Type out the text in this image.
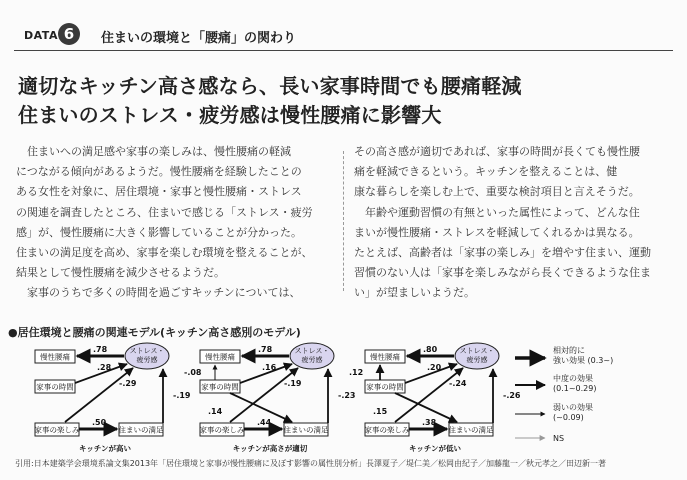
DATA 6	住まいの環境と「腰痛」の関わり
適切なキッチン高さ感なら、長い家事時間でも腰痛軽減
住まいのストレス・疲労感は慢性腰痛に影響大

　住まいへの満足感や家事の楽しみは、慢性腰痛の軽減

につながる傾向があるようだ。慢性腰痛を経験したことの

ある女性を対象に、居住環境・家事と慢性腰痛・ストレス

の関連を調査したところ、住まいで感じる「ストレス・疲労

感」が、慢性腰痛に大きく影響していることが分かった。

住まいの満足度を高め、家事を楽しむ環境を整えることが、

結果として慢性腰痛を減少させるようだ。

　家事のうちで多くの時間を過ごすキッチンについては、

その高さ感が適切であれば、家事の時間が長くても慢性腰

痛を軽減できるという。キッチンを整えることは、健

康な暮らしを楽しむ上で、重要な検討項目と言えそうだ。

　年齢や運動習慣の有無といった属性によって、どんな住

まいが慢性腰痛・ストレスを軽減してくれるかは異なる。

たとえば、高齢者は「家事の楽しみ」を増やす住まい、運動

習慣のない人は「家事を楽しみながら長くできるような住ま

い」が望ましいようだ。

●居住環境と腰痛の関連モデル(キッチン高さ感別のモデル)
慢性腰痛
ストレス・
疲労感
家事の時間
家事の楽しみ	住まいの満足
.78
.28
-.29
.50
-.19
キッチンが高い
慢性腰痛
ストレス・
疲労感
家事の時間
家事の楽しみ	住まいの満足
.78
.16
-.08
.14
-.19
.44
-.23
キッチンが高さが適切
慢性腰痛
ストレス・
疲労感
家事の時間
家事の楽しみ	住まいの満足
.80
.20
.12
.15
-.24
.38
-.26
キッチンが低い
相対的に
強い効果 (0.3~)
中度の効果
(0.1~0.29)
弱いの効果
(~0.09)
NS
引用:日本建築学会環境系論文集2013年「居住環境と家事が慢性腰痛に及ぼす影響の属性別分析」長澤夏子／堤仁美／松岡由紀子／加藤龍一／秋元孝之／田辺新一著
